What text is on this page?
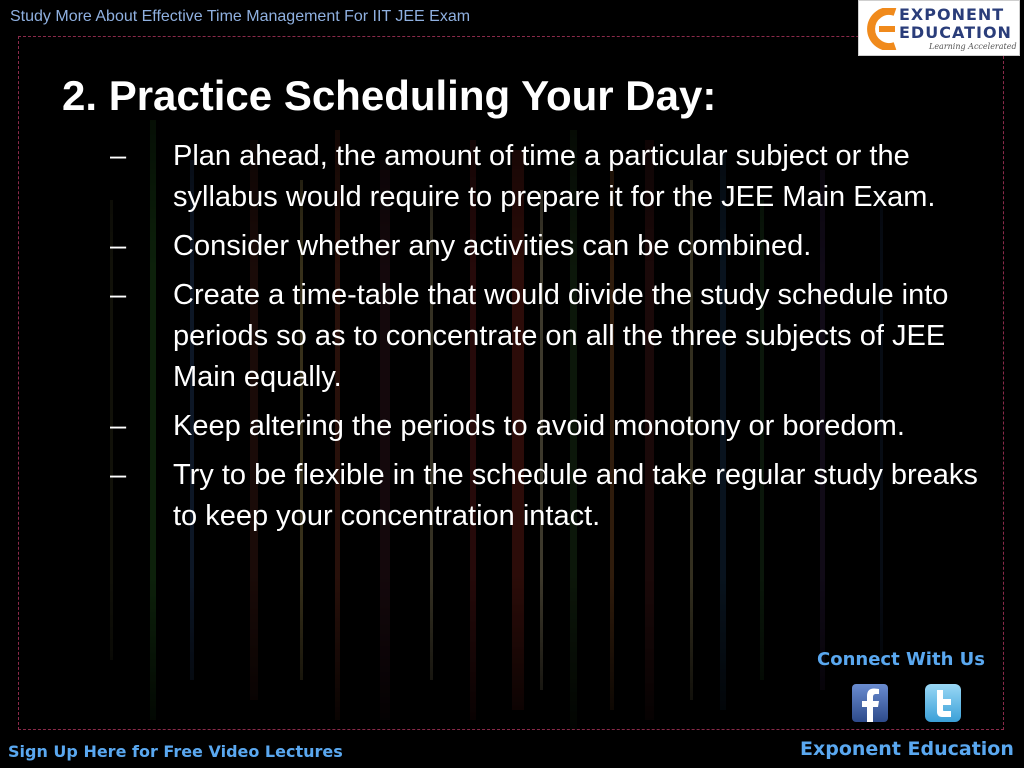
Study More About Effective Time Management For IIT JEE Exam	EXPONENT
EDUCATION
Learning Accelerated
2. Practice Scheduling Your Day:
– Plan ahead, the amount of time a particular subject or the syllabus would require to prepare it for the JEE Main Exam.
– Consider whether any activities can be combined.
– Create a time-table that would divide the study schedule into periods so as to concentrate on all the three subjects of JEE Main equally.
– Keep altering the periods to avoid monotony or boredom.
– Try to be flexible in the schedule and take regular study breaks to keep your concentration intact.
Connect With Us
Sign Up Here for Free Video Lectures	Exponent Education
